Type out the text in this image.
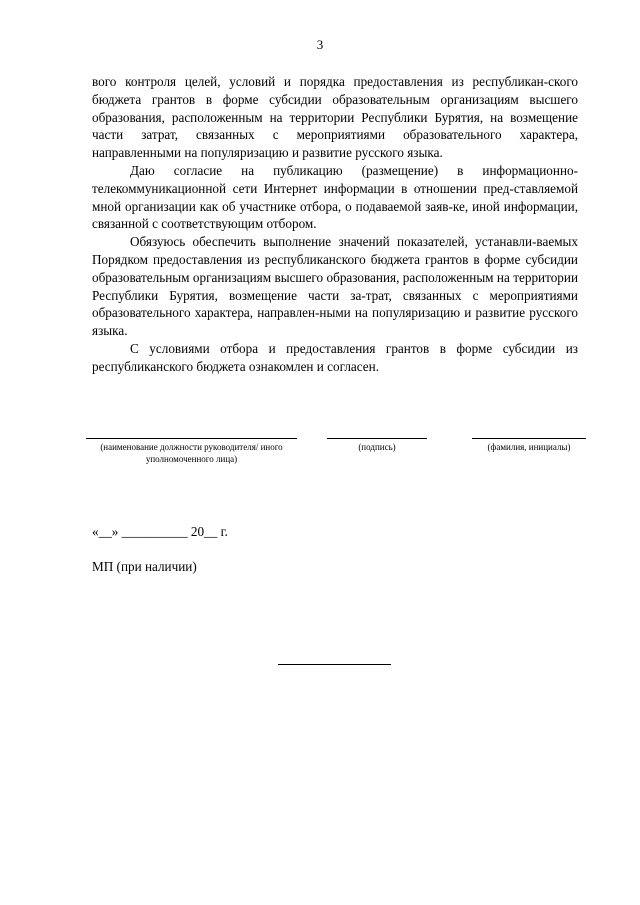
3

вого контроля целей, условий и порядка предоставления из республикан-ского бюджета грантов в форме субсидии образовательным организациям высшего образования, расположенным на территории Республики Бурятия, на возмещение части затрат, связанных с мероприятиями образовательного характера, направленными на популяризацию и развитие русского языка.

Даю согласие на публикацию (размещение) в информационно-телекоммуникационной сети Интернет информации в отношении пред-ставляемой мной организации как об участнике отбора, о подаваемой заяв-ке, иной информации, связанной с соответствующим отбором.

Обязуюсь обеспечить выполнение значений показателей, устанавли-ваемых Порядком предоставления из республиканского бюджета грантов в форме субсидии образовательным организациям высшего образования, расположенным на территории Республики Бурятия, возмещение части за-трат, связанных с мероприятиями образовательного характера, направлен-ными на популяризацию и развитие русского языка.

С условиями отбора и предоставления грантов в форме субсидии из республиканского бюджета ознакомлен и согласен.

(наименование должности руководителя/ иного уполномоченного лица)
(подпись)	(фамилия, инициалы)
«__» __________ 20__ г.
МП (при наличии)
